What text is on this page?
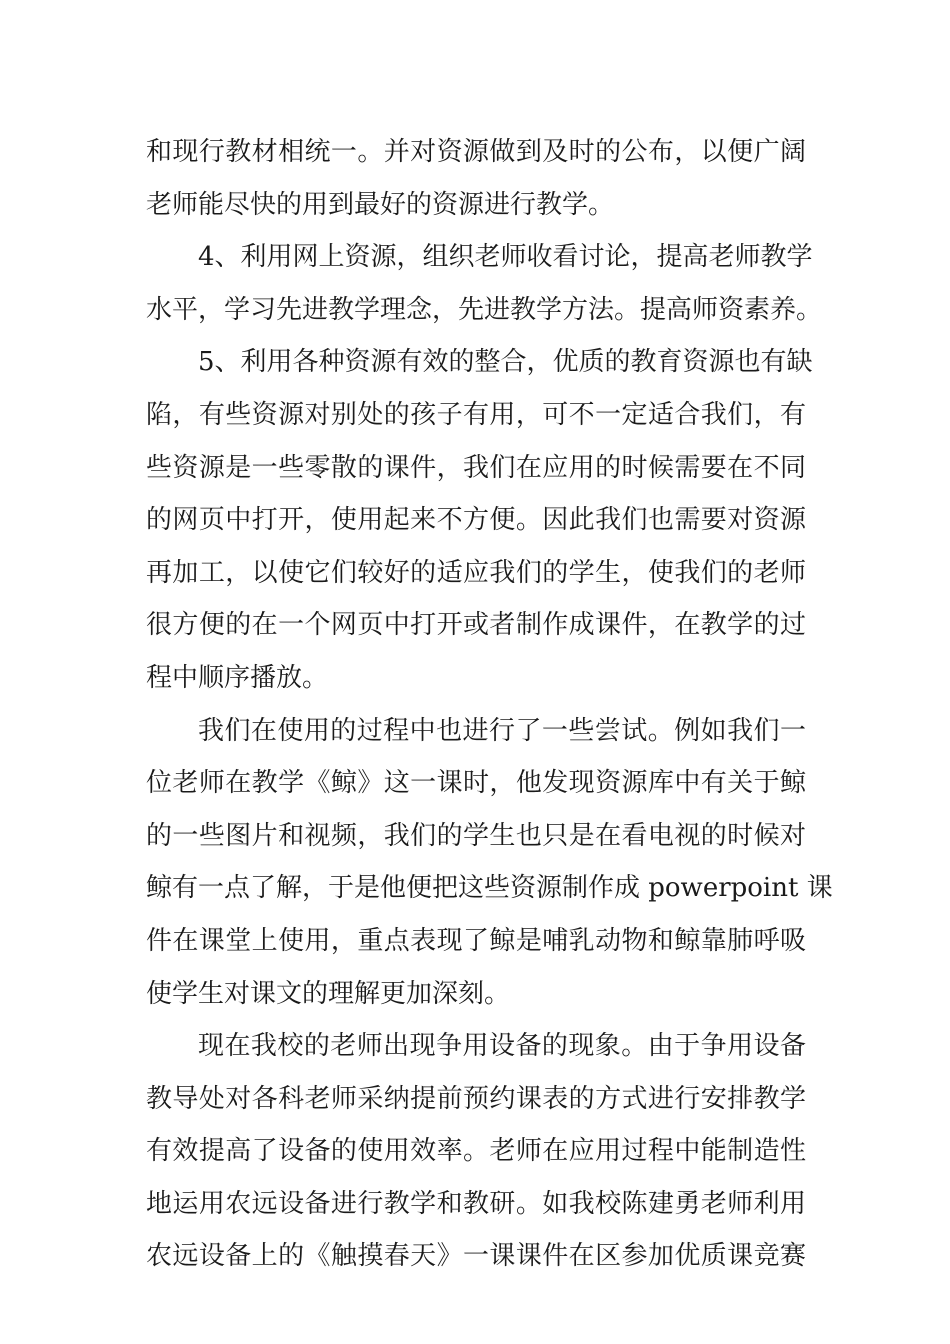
和现行教材相统一。并对资源做到及时的公布，以便广阔
老师能尽快的用到最好的资源进行教学。
4、利用网上资源，组织老师收看讨论，提高老师教学
水平，学习先进教学理念，先进教学方法。提高师资素养。
5、利用各种资源有效的整合，优质的教育资源也有缺
陷，有些资源对别处的孩子有用，可不一定适合我们，有
些资源是一些零散的课件，我们在应用的时候需要在不同
的网页中打开，使用起来不方便。因此我们也需要对资源
再加工，以使它们较好的适应我们的学生，使我们的老师
很方便的在一个网页中打开或者制作成课件，在教学的过
程中顺序播放。
我们在使用的过程中也进行了一些尝试。例如我们一
位老师在教学《鲸》这一课时，他发现资源库中有关于鲸
的一些图片和视频，我们的学生也只是在看电视的时候对
鲸有一点了解，于是他便把这些资源制作成 powerpoint 课
件在课堂上使用，重点表现了鲸是哺乳动物和鲸靠肺呼吸
使学生对课文的理解更加深刻。
现在我校的老师出现争用设备的现象。由于争用设备
教导处对各科老师采纳提前预约课表的方式进行安排教学
有效提高了设备的使用效率。老师在应用过程中能制造性
地运用农远设备进行教学和教研。如我校陈建勇老师利用
农远设备上的《触摸春天》一课课件在区参加优质课竞赛
